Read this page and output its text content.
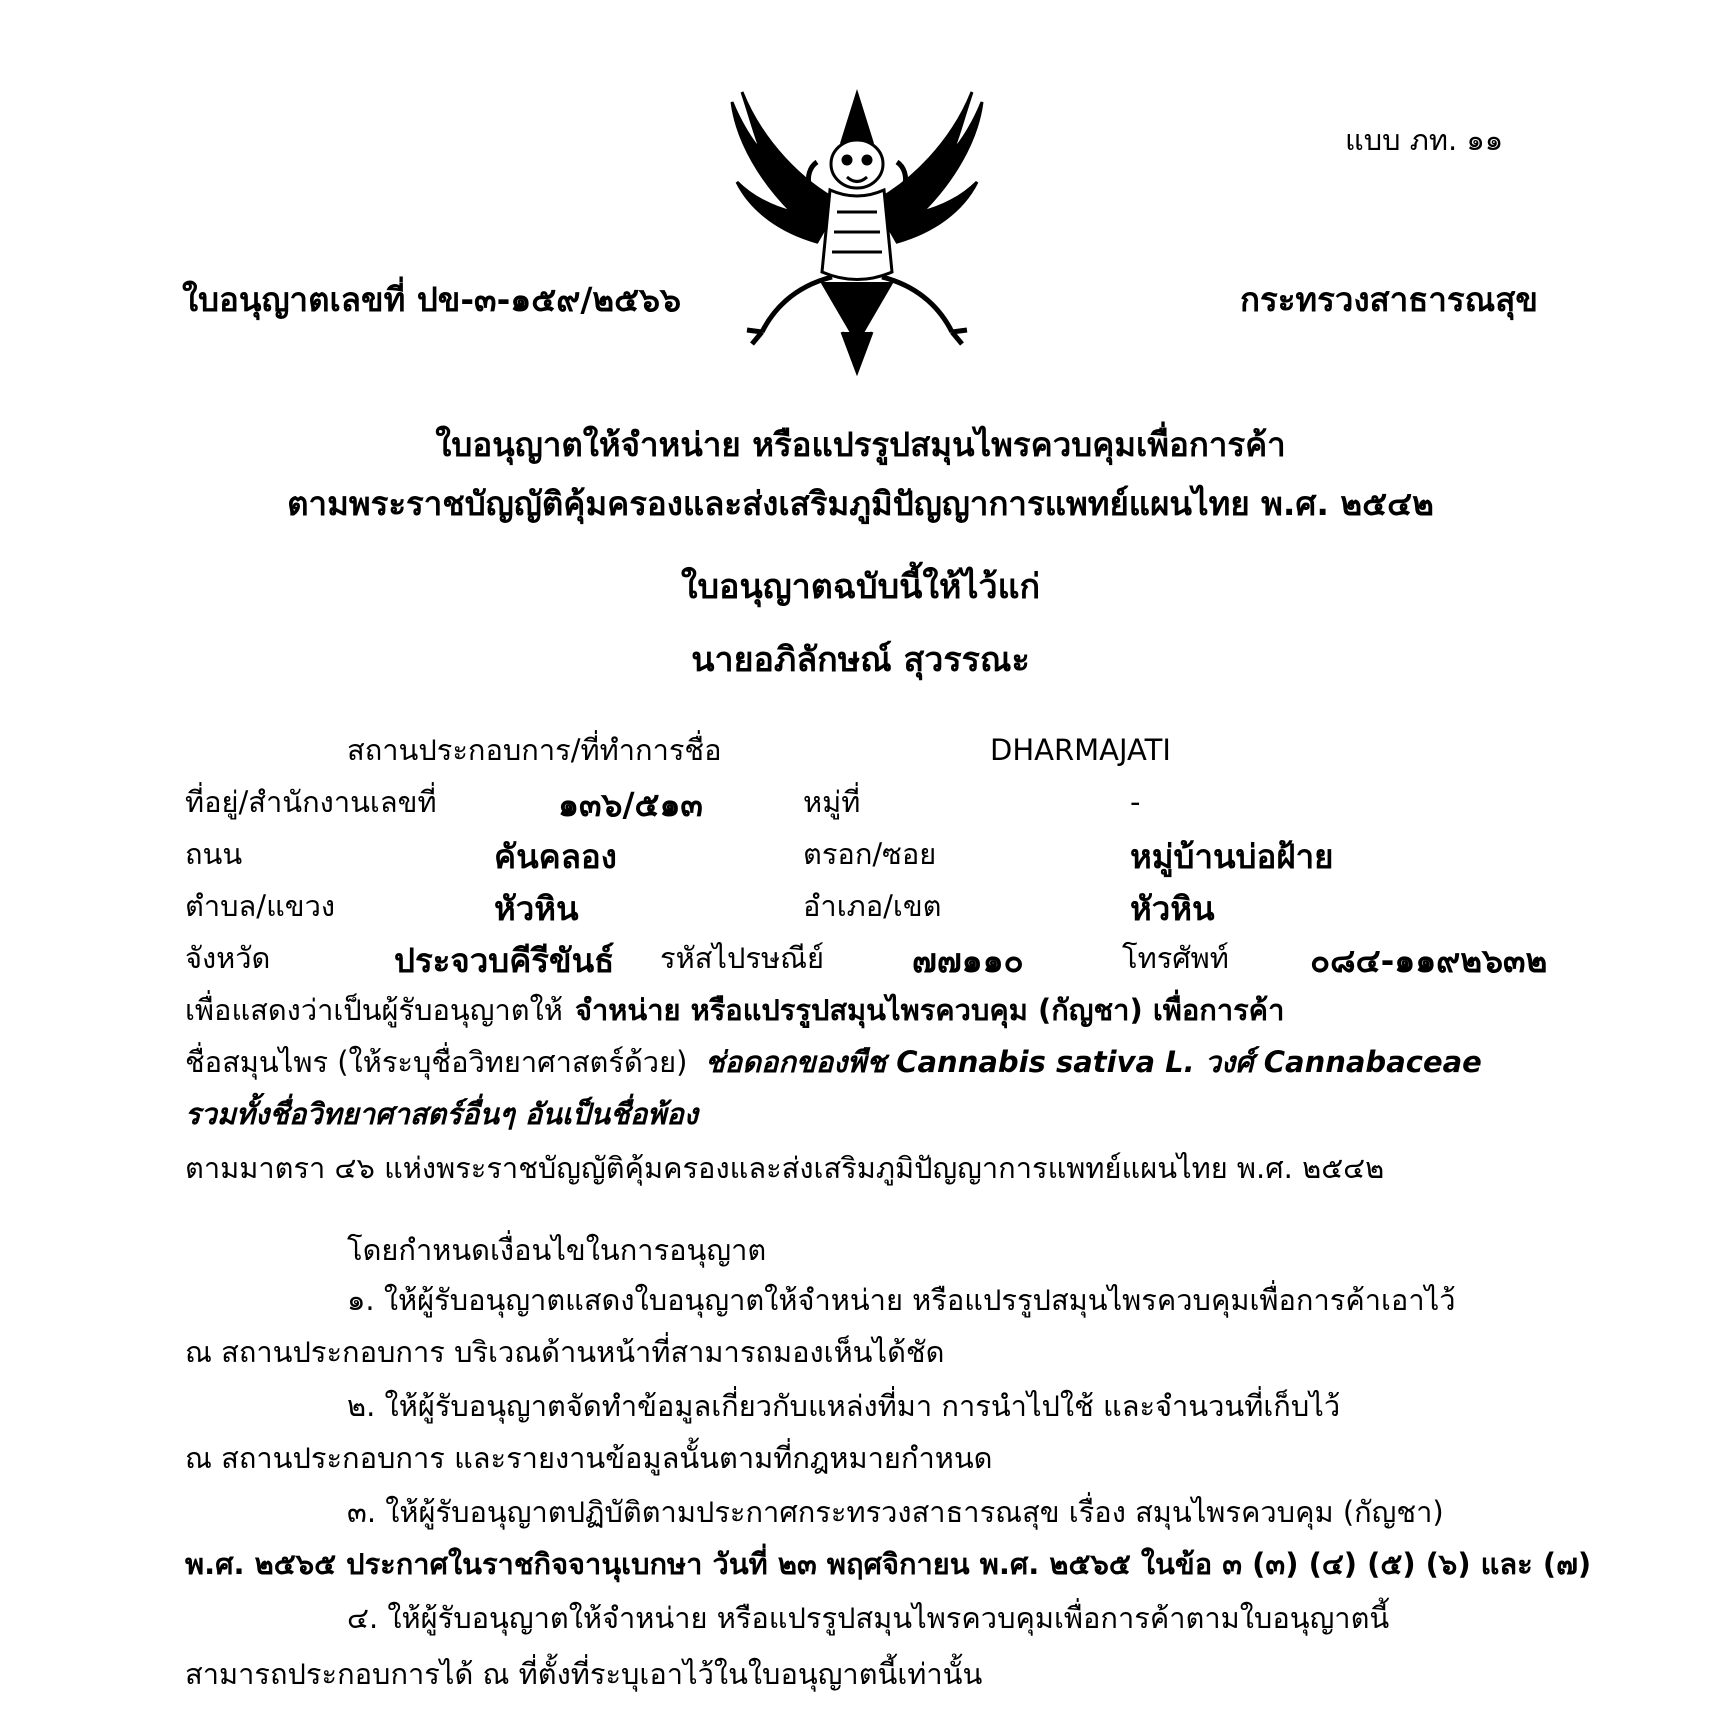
แบบ ภท. ๑๑
ใบอนุญาตเลขที่ ปข-๓-๑๕๙/๒๕๖๖	กระทรวงสาธารณสุข
ใบอนุญาตให้จำหน่าย หรือแปรรูปสมุนไพรควบคุมเพื่อการค้า
ตามพระราชบัญญัติคุ้มครองและส่งเสริมภูมิปัญญาการแพทย์แผนไทย พ.ศ. ๒๕๔๒
ใบอนุญาตฉบับนี้ให้ไว้แก่
นายอภิลักษณ์ สุวรรณะ
สถานประกอบการ/ที่ทำการชื่อ	DHARMAJATI
ที่อยู่/สำนักงานเลขที่	๑๓๖/๕๑๓	หมู่ที่	-
ถนน	คันคลอง	ตรอก/ซอย	หมู่บ้านบ่อฝ้าย
ตำบล/แขวง	หัวหิน	อำเภอ/เขต	หัวหิน
จังหวัด	ประจวบคีรีขันธ์ รหัสไปรษณีย์	๗๗๑๑๐	โทรศัพท์ ๐๘๔-๑๑๙๒๖๓๒
เพื่อแสดงว่าเป็นผู้รับอนุญาตให้ จำหน่าย หรือแปรรูปสมุนไพรควบคุม (กัญชา) เพื่อการค้า
ชื่อสมุนไพร (ให้ระบุชื่อวิทยาศาสตร์ด้วย) ช่อดอกของพืช Cannabis sativa L. วงศ์ Cannabaceae
รวมทั้งชื่อวิทยาศาสตร์อื่นๆ อันเป็นชื่อพ้อง
ตามมาตรา ๔๖ แห่งพระราชบัญญัติคุ้มครองและส่งเสริมภูมิปัญญาการแพทย์แผนไทย พ.ศ. ๒๕๔๒
โดยกำหนดเงื่อนไขในการอนุญาต
๑. ให้ผู้รับอนุญาตแสดงใบอนุญาตให้จำหน่าย หรือแปรรูปสมุนไพรควบคุมเพื่อการค้าเอาไว้
ณ สถานประกอบการ บริเวณด้านหน้าที่สามารถมองเห็นได้ชัด
๒. ให้ผู้รับอนุญาตจัดทำข้อมูลเกี่ยวกับแหล่งที่มา การนำไปใช้ และจำนวนที่เก็บไว้
ณ สถานประกอบการ และรายงานข้อมูลนั้นตามที่กฎหมายกำหนด
๓. ให้ผู้รับอนุญาตปฏิบัติตามประกาศกระทรวงสาธารณสุข เรื่อง สมุนไพรควบคุม (กัญชา)
พ.ศ. ๒๕๖๕ ประกาศในราชกิจจานุเบกษา วันที่ ๒๓ พฤศจิกายน พ.ศ. ๒๕๖๕ ในข้อ ๓ (๓) (๔) (๕) (๖) และ (๗)
๔. ให้ผู้รับอนุญาตให้จำหน่าย หรือแปรรูปสมุนไพรควบคุมเพื่อการค้าตามใบอนุญาตนี้
สามารถประกอบการได้ ณ ที่ตั้งที่ระบุเอาไว้ในใบอนุญาตนี้เท่านั้น
